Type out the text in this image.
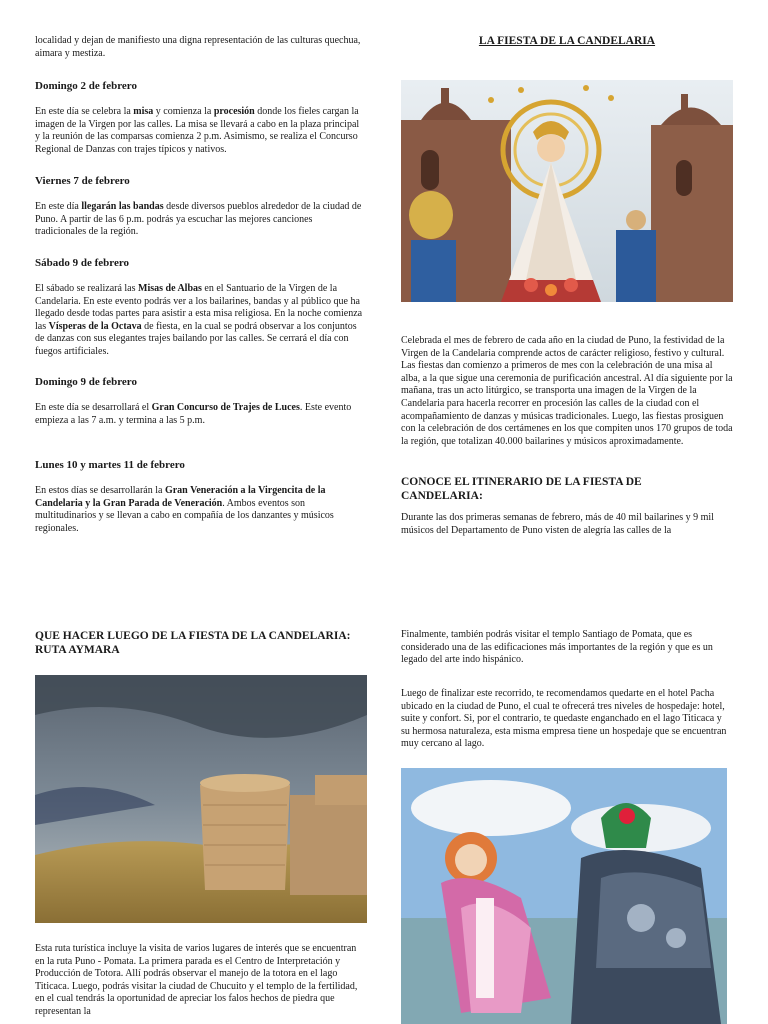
localidad y dejan de manifiesto una digna representación de las culturas quechua, aimara y mestiza.

Domingo 2 de febrero

En este día se celebra la misa y comienza la procesión donde los fieles cargan la imagen de la Virgen por las calles. La misa se llevará a cabo en la plaza principal y la reunión de las comparsas comienza 2 p.m. Asimismo, se realiza el Concurso Regional de Danzas con trajes típicos y nativos.

Viernes 7 de febrero

En este día llegarán las bandas desde diversos pueblos alrededor de la ciudad de Puno. A partir de las 6 p.m. podrás ya escuchar las mejores canciones tradicionales de la región.

Sábado 9 de febrero

El sábado se realizará las Misas de Albas en el Santuario de la Virgen de la Candelaria. En este evento podrás ver a los bailarines, bandas y al público que ha llegado desde todas partes para asistir a esta misa religiosa. En la noche comienza las Vísperas de la Octava de fiesta, en la cual se podrá observar a los conjuntos de danzas con sus elegantes trajes bailando por las calles. Se cerrará el día con fuegos artificiales.

Domingo 9 de febrero

En este día se desarrollará el Gran Concurso de Trajes de Luces. Este evento empieza a las 7 a.m. y termina a las 5 p.m.

Lunes 10 y martes 11 de febrero

En estos días se desarrollarán la Gran Veneración a la Virgencita de la Candelaria y la Gran Parada de Veneración. Ambos eventos son multitudinarios y se llevan a cabo en compañía de los danzantes y músicos regionales.

LA FIESTA DE LA CANDELARIA

Celebrada el mes de febrero de cada año en la ciudad de Puno, la festividad de la Virgen de la Candelaria comprende actos de carácter religioso, festivo y cultural. Las fiestas dan comienzo a primeros de mes con la celebración de una misa al alba, a la que sigue una ceremonia de purificación ancestral. Al día siguiente por la mañana, tras un acto litúrgico, se transporta una imagen de la Virgen de la Candelaria para hacerla recorrer en procesión las calles de la ciudad con el acompañamiento de danzas y músicas tradicionales. Luego, las fiestas prosiguen con la celebración de dos certámenes en los que compiten unos 170 grupos de toda la región, que totalizan 40.000 bailarines y músicos aproximadamente.

CONOCE EL ITINERARIO DE LA FIESTA DE CANDELARIA:

Durante las dos primeras semanas de febrero, más de 40 mil bailarines y 9 mil músicos del Departamento de Puno visten de alegría las calles de la

QUE HACER LUEGO DE LA FIESTA DE LA CANDELARIA: RUTA AYMARA

Esta ruta turística incluye la visita de varios lugares de interés que se encuentran en la ruta Puno - Pomata. La primera parada es el Centro de Interpretación y Producción de Totora. Allí podrás observar el manejo de la totora en el lago Titicaca. Luego, podrás visitar la ciudad de Chucuito y el templo de la fertilidad, en el cual tendrás la oportunidad de apreciar los falos hechos de piedra que representan la

Finalmente, también podrás visitar el templo Santiago de Pomata, que es considerado una de las edificaciones más importantes de la región y que es un legado del arte indo hispánico.

Luego de finalizar este recorrido, te recomendamos quedarte en el hotel Pacha ubicado en la ciudad de Puno, el cual te ofrecerá tres niveles de hospedaje: hotel, suite y confort. Si, por el contrario, te quedaste enganchado en el lago Titicaca y su hermosa naturaleza, esta misma empresa tiene un hospedaje que se encuentran muy cercano al lago.
